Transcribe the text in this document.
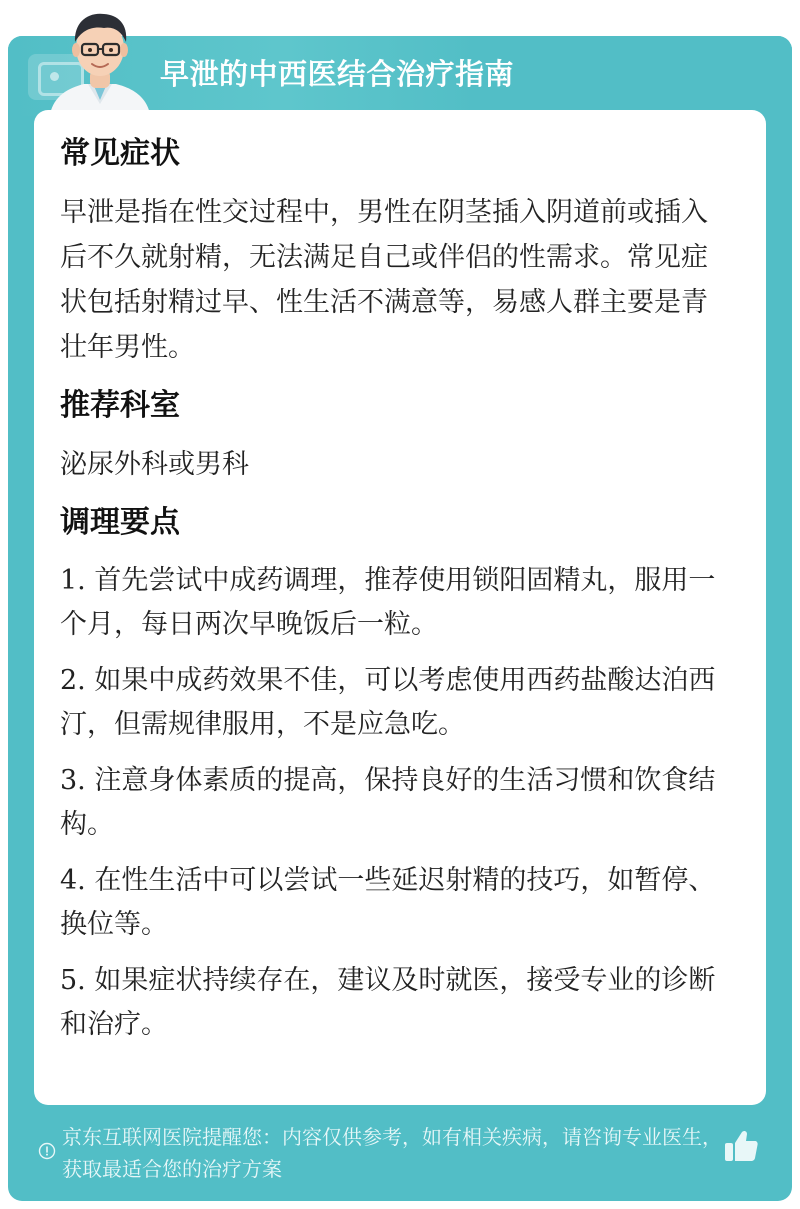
早泄的中西医结合治疗指南
常见症状
早泄是指在性交过程中，男性在阴茎插入阴道前或插入后不久就射精，无法满足自己或伴侣的性需求。常见症状包括射精过早、性生活不满意等，易感人群主要是青壮年男性。
推荐科室
泌尿外科或男科
调理要点
1. 首先尝试中成药调理，推荐使用锁阳固精丸，服用一个月，每日两次早晚饭后一粒。
2. 如果中成药效果不佳，可以考虑使用西药盐酸达泊西汀，但需规律服用，不是应急吃。
3. 注意身体素质的提高，保持良好的生活习惯和饮食结构。
4. 在性生活中可以尝试一些延迟射精的技巧，如暂停、换位等。
5. 如果症状持续存在，建议及时就医，接受专业的诊断和治疗。
京东互联网医院提醒您：内容仅供参考，如有相关疾病，请咨询专业医生，获取最适合您的治疗方案
